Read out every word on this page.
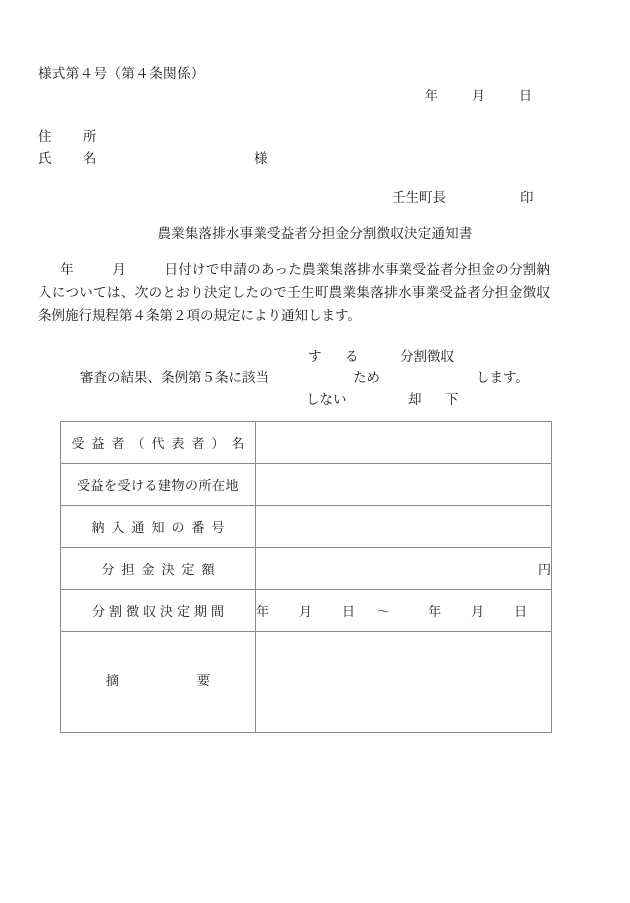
様式第４号（第４条関係）
年	月	日
住　所
氏　名	様
壬生町長	印
農業集落排水事業受益者分担金分割徴収決定通知書
年	月	日付けで申請のあった農業集落排水事業受益者分担金の分割納入については、次のとおり決定したので壬生町農業集落排水事業受益者分担金徴収条例施行規程第４条第２項の規定により通知します。
審査の結果、条例第５条に該当
す　る
しない
ため
分割徴収
却　下
します。
受益者（代表者）名	
受益を受ける建物の所在地	
納入通知の番号	
分担金決定額	円
分割徴収決定期間	年 月 日 ～ 年 月 日

摘 要	
